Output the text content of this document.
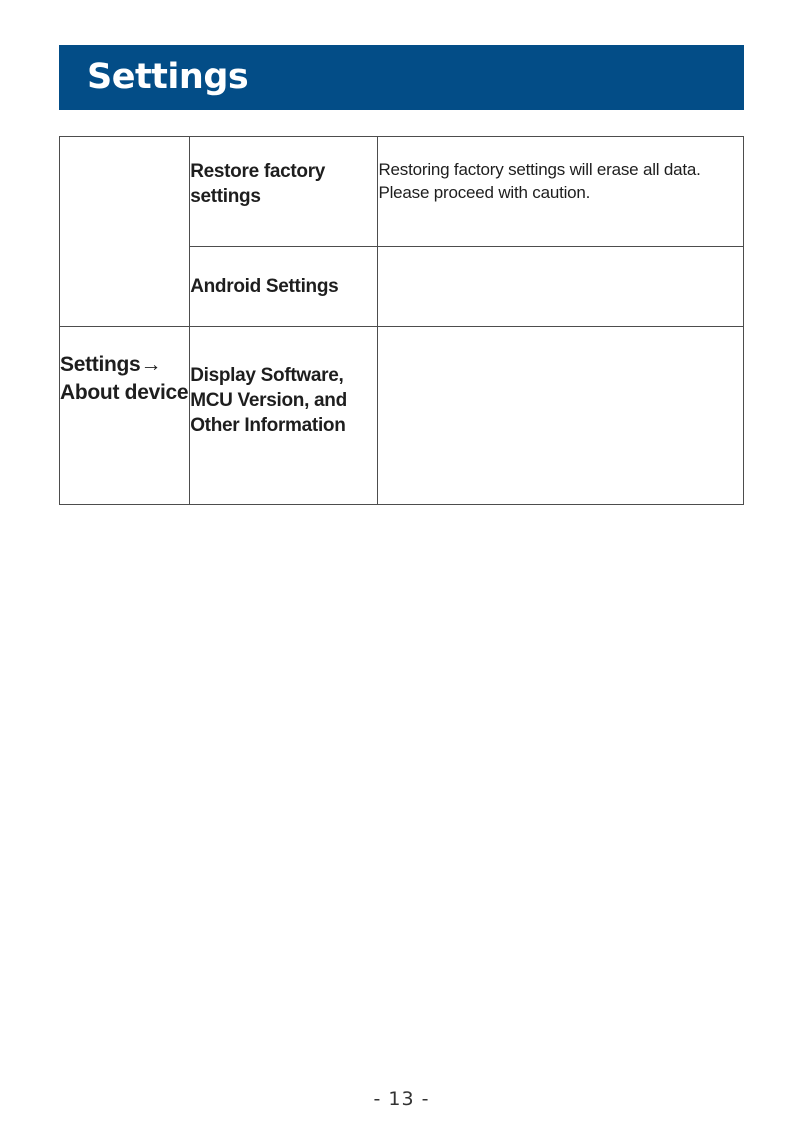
Settings
	Restore factory settings	Restoring factory settings will erase all data. Please proceed with caution.
	Android Settings	
Settings→ About device	Display Software, MCU Version, and Other Information	
- 13 -
